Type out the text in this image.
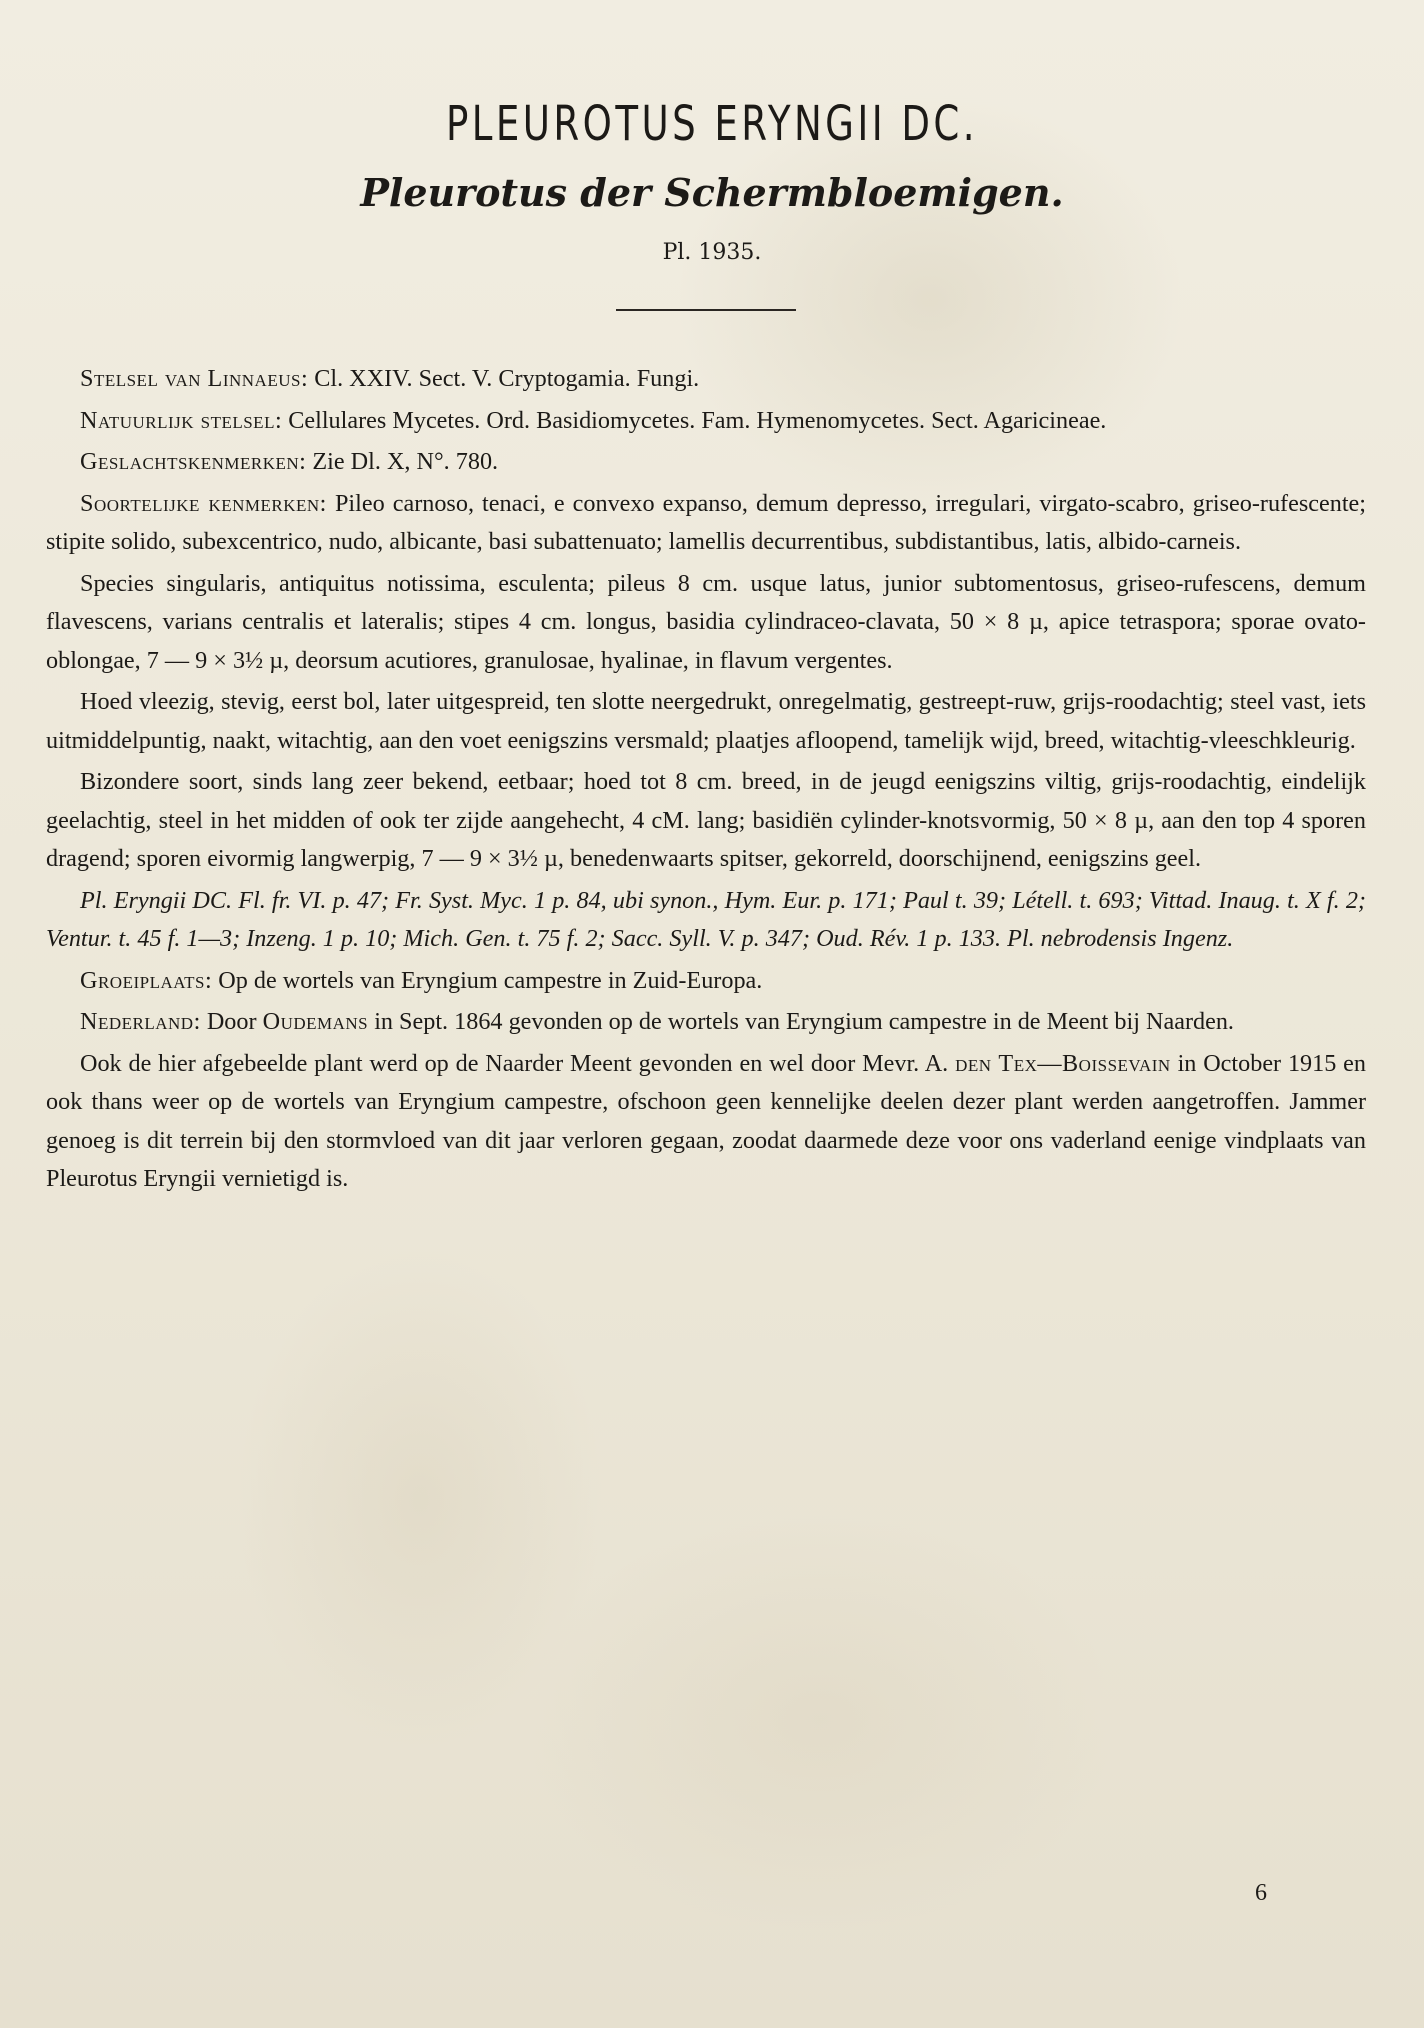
PLEUROTUS ERYNGII DC.
Pleurotus der Schermbloemigen.
Pl. 1935.

Stelsel van Linnaeus: Cl. XXIV. Sect. V. Cryptogamia. Fungi.

Natuurlijk stelsel: Cellulares Mycetes. Ord. Basidiomycetes. Fam. Hymenomycetes. Sect. Agaricineae.

Geslachtskenmerken: Zie Dl. X, N°. 780.

Soortelijke kenmerken: Pileo carnoso, tenaci, e convexo expanso, demum depresso, irregulari, virgato-scabro, griseo-rufescente; stipite solido, subexcentrico, nudo, albicante, basi subattenuato; lamellis decurrentibus, subdistantibus, latis, albido-carneis.

Species singularis, antiquitus notissima, esculenta; pileus 8 cm. usque latus, junior subtomentosus, griseo-rufescens, demum flavescens, varians centralis et lateralis; stipes 4 cm. longus, basidia cylindraceo-clavata, 50 × 8 µ, apice tetraspora; sporae ovato-oblongae, 7 — 9 × 3½ µ, deorsum acutiores, granulosae, hyalinae, in flavum vergentes.

Hoed vleezig, stevig, eerst bol, later uitgespreid, ten slotte neergedrukt, onregelmatig, gestreept-ruw, grijs-roodachtig; steel vast, iets uitmiddelpuntig, naakt, witachtig, aan den voet eenigszins versmald; plaatjes afloopend, tamelijk wijd, breed, witachtig-vleeschkleurig.

Bizondere soort, sinds lang zeer bekend, eetbaar; hoed tot 8 cm. breed, in de jeugd eenigszins viltig, grijs-roodachtig, eindelijk geelachtig, steel in het midden of ook ter zijde aangehecht, 4 cM. lang; basidiën cylinder-knotsvormig, 50 × 8 µ, aan den top 4 sporen dragend; sporen eivormig langwerpig, 7 — 9 × 3½ µ, benedenwaarts spitser, gekorreld, doorschijnend, eenigszins geel.

Pl. Eryngii DC. Fl. fr. VI. p. 47; Fr. Syst. Myc. 1 p. 84, ubi synon., Hym. Eur. p. 171; Paul t. 39; Létell. t. 693; Vittad. Inaug. t. X f. 2; Ventur. t. 45 f. 1—3; Inzeng. 1 p. 10; Mich. Gen. t. 75 f. 2; Sacc. Syll. V. p. 347; Oud. Rév. 1 p. 133. Pl. nebrodensis Ingenz.

Groeiplaats: Op de wortels van Eryngium campestre in Zuid-Europa.

Nederland: Door Oudemans in Sept. 1864 gevonden op de wortels van Eryngium campestre in de Meent bij Naarden.

Ook de hier afgebeelde plant werd op de Naarder Meent gevonden en wel door Mevr. A. den Tex—Boissevain in October 1915 en ook thans weer op de wortels van Eryngium campestre, ofschoon geen kennelijke deelen dezer plant werden aangetroffen. Jammer genoeg is dit terrein bij den stormvloed van dit jaar verloren gegaan, zoodat daarmede deze voor ons vaderland eenige vindplaats van Pleurotus Eryngii vernietigd is.

6
